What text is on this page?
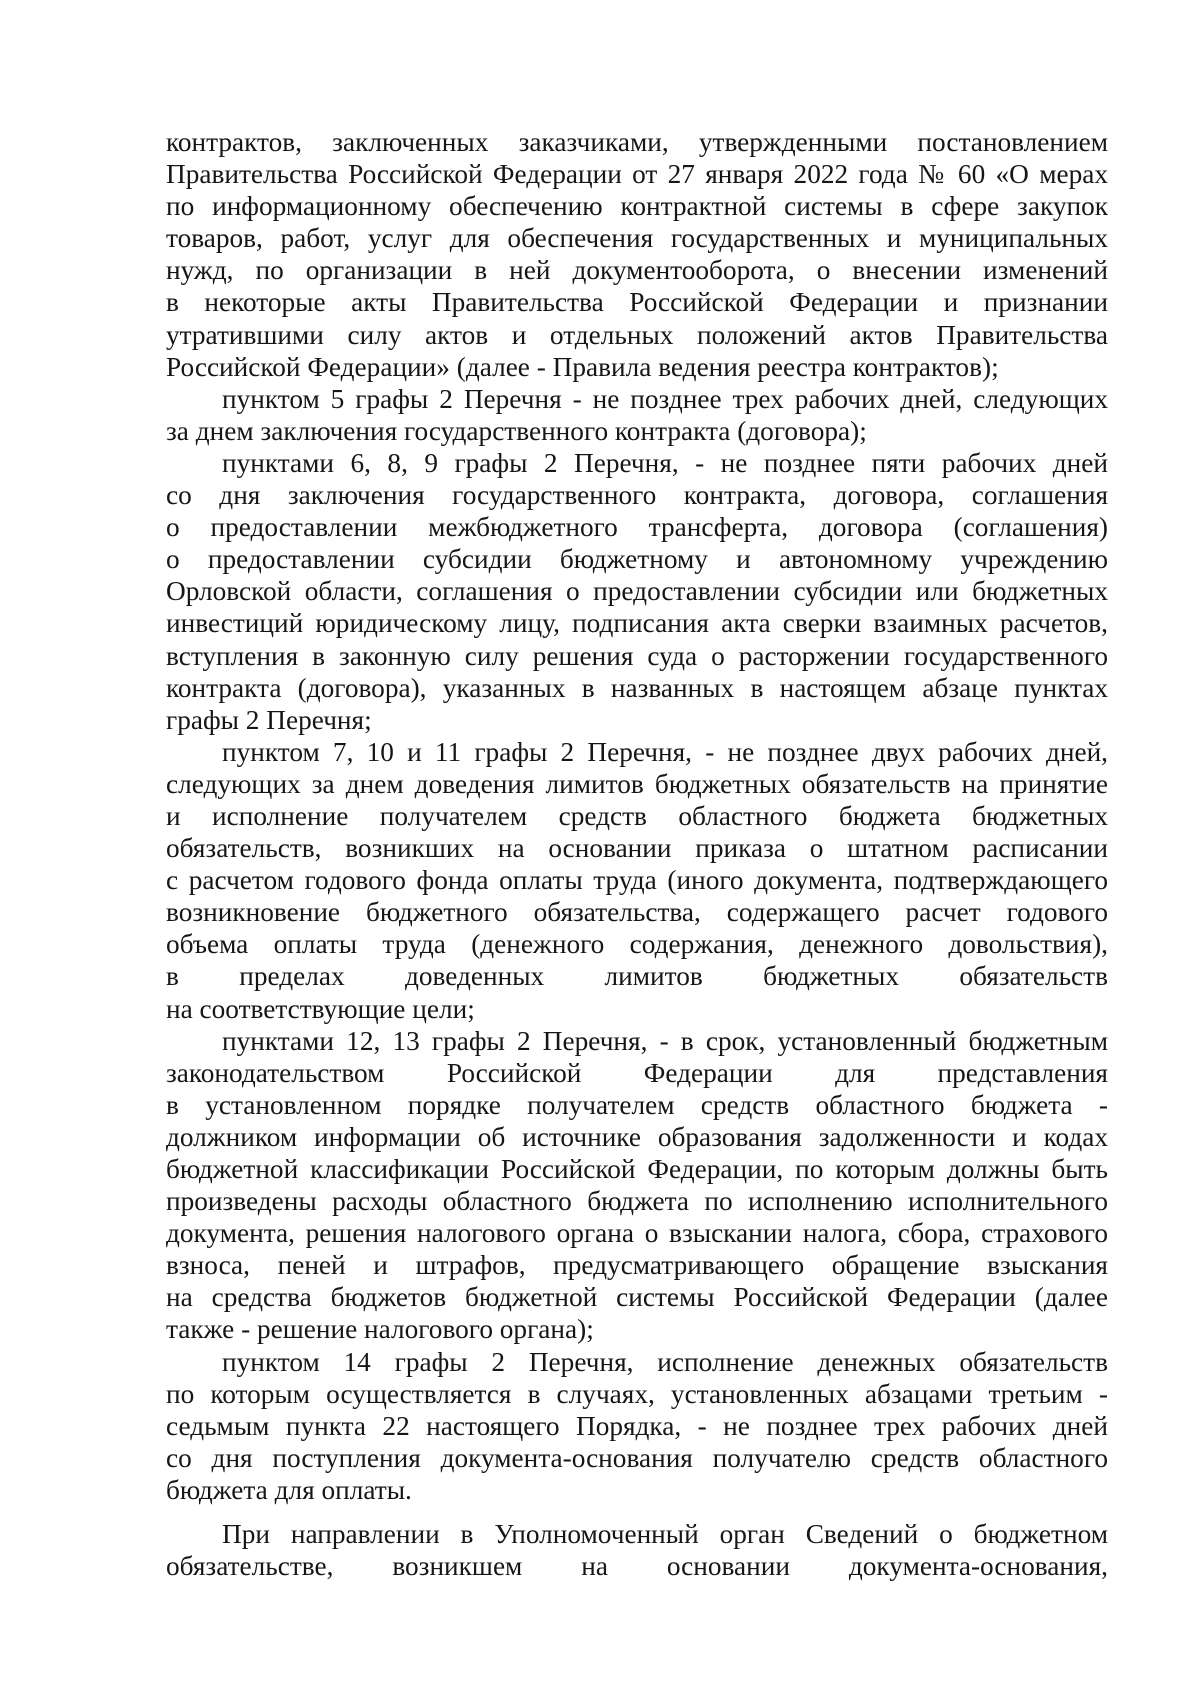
контрактов, заключенных заказчиками, утвержденными постановлением
Правительства Российской Федерации от 27 января 2022 года № 60 «О мерах
по информационному обеспечению контрактной системы в сфере закупок
товаров, работ, услуг для обеспечения государственных и муниципальных
нужд, по организации в ней документооборота, о внесении изменений
в некоторые акты Правительства Российской Федерации и признании
утратившими силу актов и отдельных положений актов Правительства
Российской Федерации» (далее - Правила ведения реестра контрактов);
пунктом 5 графы 2 Перечня - не позднее трех рабочих дней, следующих
за днем заключения государственного контракта (договора);
пунктами 6, 8, 9 графы 2 Перечня, - не позднее пяти рабочих дней
со дня заключения государственного контракта, договора, соглашения
о предоставлении межбюджетного трансферта, договора (соглашения)
о предоставлении субсидии бюджетному и автономному учреждению
Орловской области, соглашения о предоставлении субсидии или бюджетных
инвестиций юридическому лицу, подписания акта сверки взаимных расчетов,
вступления в законную силу решения суда о расторжении государственного
контракта (договора), указанных в названных в настоящем абзаце пунктах
графы 2 Перечня;
пунктом 7, 10 и 11 графы 2 Перечня, - не позднее двух рабочих дней,
следующих за днем доведения лимитов бюджетных обязательств на принятие
и исполнение получателем средств областного бюджета бюджетных
обязательств, возникших на основании приказа о штатном расписании
с расчетом годового фонда оплаты труда (иного документа, подтверждающего
возникновение бюджетного обязательства, содержащего расчет годового
объема оплаты труда (денежного содержания, денежного довольствия),
в пределах доведенных лимитов бюджетных обязательств
на соответствующие цели;
пунктами 12, 13 графы 2 Перечня, - в срок, установленный бюджетным
законодательством Российской Федерации для представления
в установленном порядке получателем средств областного бюджета -
должником информации об источнике образования задолженности и кодах
бюджетной классификации Российской Федерации, по которым должны быть
произведены расходы областного бюджета по исполнению исполнительного
документа, решения налогового органа о взыскании налога, сбора, страхового
взноса, пеней и штрафов, предусматривающего обращение взыскания
на средства бюджетов бюджетной системы Российской Федерации (далее
также - решение налогового органа);
пунктом 14 графы 2 Перечня, исполнение денежных обязательств
по которым осуществляется в случаях, установленных абзацами третьим -
седьмым пункта 22 настоящего Порядка, - не позднее трех рабочих дней
со дня поступления документа-основания получателю средств областного
бюджета для оплаты.
При направлении в Уполномоченный орган Сведений о бюджетном
обязательстве, возникшем на основании документа-основания,
